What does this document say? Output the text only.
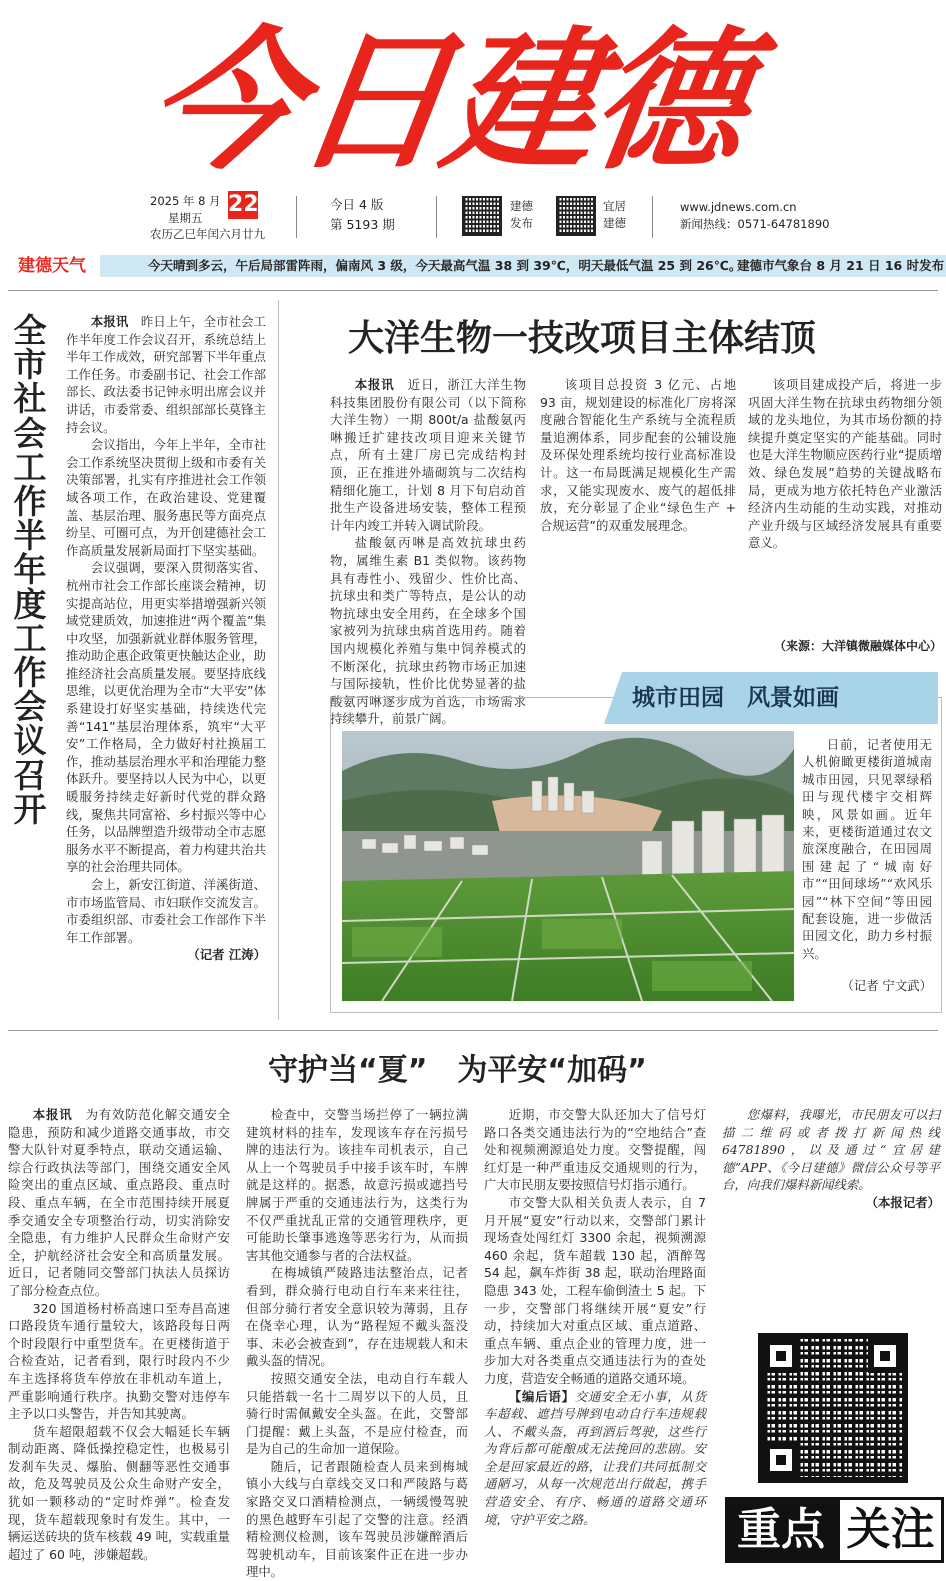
今日建德
2025 年 8 月 22
星期五
农历乙巳年闰六月廿九
今日 4 版
第 5193 期
建德
发布
宜居
建德
www.jdnews.com.cn
新闻热线：0571-64781890
建德天气	今天晴到多云，午后局部雷阵雨，偏南风 3 级，今天最高气温 38 到 39℃，明天最低气温 25 到 26℃。
建德市气象台 8 月 21 日 16 时发布
全市社会工作半年度工作会议召开

本报讯　 昨日上午，全市社会工作半年度工作会议召开，系统总结上半年工作成效，研究部署下半年重点工作任务。市委副书记、社会工作部部长、政法委书记钟永明出席会议并讲话，市委常委、组织部部长莫锋主持会议。

会议指出，今年上半年，全市社会工作系统坚决贯彻上级和市委有关决策部署，扎实有序推进社会工作领域各项工作，在政治建设、党建覆盖、基层治理、服务惠民等方面亮点纷呈、可圈可点，为开创建德社会工作高质量发展新局面打下坚实基础。

会议强调，要深入贯彻落实省、杭州市社会工作部长座谈会精神，切实提高站位，用更实举措增强新兴领域党建质效，加速推进“两个覆盖”集中攻坚，加强新就业群体服务管理，推动助企惠企政策更快触达企业，助推经济社会高质量发展。要坚持底线思维，以更优治理为全市“大平安”体系建设打好坚实基础，持续迭代完善“141”基层治理体系，筑牢“大平安”工作格局，全力做好村社换届工作，推动基层治理水平和治理能力整体跃升。要坚持以人民为中心，以更暖服务持续走好新时代党的群众路线，聚焦共同富裕、乡村振兴等中心任务，以品牌塑造升级带动全市志愿服务水平不断提高，着力构建共治共享的社会治理共同体。

会上，新安江街道、洋溪街道、市市场监管局、市妇联作交流发言。市委组织部、市委社会工作部作下半年工作部署。

（记者 江涛）
大洋生物一技改项目主体结顶

本报讯　 近日，浙江大洋生物科技集团股份有限公司（以下简称大洋生物）一期 800t/a 盐酸氨丙啉搬迁扩建技改项目迎来关键节点，所有土建厂房已完成结构封顶，正在推进外墙砌筑与二次结构精细化施工，计划 8 月下旬启动首批生产设备进场安装，整体工程预计年内竣工并转入调试阶段。

盐酸氨丙啉是高效抗球虫药物，属维生素 B1 类似物。该药物具有毒性小、残留少、性价比高、抗球虫和类广等特点，是公认的动物抗球虫安全用药，在全球多个国家被列为抗球虫病首选用药。随着国内规模化养殖与集中饲养模式的不断深化，抗球虫药物市场正加速与国际接轨，性价比优势显著的盐酸氨丙啉逐步成为首选，市场需求持续攀升，前景广阔。

该项目总投资 3 亿元、占地 93 亩，规划建设的标准化厂房将深度融合智能化生产系统与全流程质量追溯体系，同步配套的公辅设施及环保处理系统均按行业高标准设计。这一布局既满足规模化生产需求，又能实现废水、废气的超低排放，充分彰显了企业“绿色生产 + 合规运营”的双重发展理念。

该项目建成投产后，将进一步巩固大洋生物在抗球虫药物细分领域的龙头地位，为其市场份额的持续提升奠定坚实的产能基础。同时也是大洋生物顺应医药行业“提质增效、绿色发展”趋势的关键战略布局，更成为地方依托特色产业激活经济内生动能的生动实践，对推动产业升级与区域经济发展具有重要意义。

（来源：大洋镇微融媒体中心）
城市田园　风景如画

日前，记者使用无人机俯瞰更楼街道城南城市田园，只见翠绿稻田与现代楼宇交相辉映，风景如画。近年来，更楼街道通过农文旅深度融合，在田园周围建起了“城南好市”“田间球场”“欢风乐园”“林下空间”等田园配套设施，进一步做活田园文化，助力乡村振兴。

（记者 宁文武）
守护当“夏”　为平安“加码”

本报讯　 为有效防范化解交通安全隐患，预防和减少道路交通事故，市交警大队针对夏季特点，联动交通运输、综合行政执法等部门，围绕交通安全风险突出的重点区域、重点路段、重点时段、重点车辆，在全市范围持续开展夏季交通安全专项整治行动，切实消除安全隐患，有力维护人民群众生命财产安全，护航经济社会安全和高质量发展。近日，记者随同交警部门执法人员探访了部分检查点位。

320 国道杨村桥高速口至寿昌高速口路段货车通行量较大，该路段每日两个时段限行中重型货车。在更楼街道于合检查站，记者看到，限行时段内不少车主选择将货车停放在非机动车道上，严重影响通行秩序。执勤交警对违停车主予以口头警告，并告知其驶离。

货车超限超载不仅会大幅延长车辆制动距离、降低操控稳定性，也极易引发刹车失灵、爆胎、侧翻等恶性交通事故，危及驾驶员及公众生命财产安全，犹如一颗移动的“定时炸弹”。检查发现，货车超载现象时有发生。其中，一辆运送砖块的货车核载 49 吨，实载重量超过了 60 吨，涉嫌超载。

检查中，交警当场拦停了一辆拉满建筑材料的挂车，发现该车存在污损号牌的违法行为。该挂车司机表示，自己从上一个驾驶员手中接手该车时，车牌就是这样的。据悉，故意污损或遮挡号牌属于严重的交通违法行为，这类行为不仅严重扰乱正常的交通管理秩序，更可能助长肇事逃逸等恶劣行为，从而损害其他交通参与者的合法权益。

在梅城镇严陵路违法整治点，记者看到，群众骑行电动自行车来来往往，但部分骑行者安全意识较为薄弱，且存在侥幸心理，认为“路程短不戴头盔没事、未必会被查到”，存在违规载人和未戴头盔的情况。

按照交通安全法，电动自行车载人只能搭载一名十二周岁以下的人员，且骑行时需佩戴安全头盔。在此，交警部门提醒：戴上头盔，不是应付检查，而是为自己的生命加一道保险。

随后，记者跟随检查人员来到梅城镇小大线与白章线交叉口和严陵路与葛家路交叉口酒精检测点，一辆缓慢驾驶的黑色越野车引起了交警的注意。经酒精检测仪检测，该车驾驶员涉嫌醉酒后驾驶机动车，目前该案件正在进一步办理中。

近期，市交警大队还加大了信号灯路口各类交通违法行为的“空地结合”查处和视频溯源追处力度。交警提醒，闯红灯是一种严重违反交通规则的行为，广大市民朋友要按照信号灯指示通行。

市交警大队相关负责人表示，自 7 月开展“夏安”行动以来，交警部门累计现场查处闯红灯 3300 余起，视频溯源 460 余起，货车超载 130 起，酒醉驾 54 起，飙车炸街 38 起，联动治理路面隐患 343 处，工程车偷倒渣土 5 起。下一步，交警部门将继续开展“夏安”行动，持续加大对重点区域、重点道路、重点车辆、重点企业的管理力度，进一步加大对各类重点交通违法行为的查处力度，营造安全畅通的道路交通环境。

【编后语】交通安全无小事，从货车超载、遮挡号牌到电动自行车违规载人、不戴头盔，再到酒后驾驶，这些行为背后都可能酿成无法挽回的悲剧。安全是回家最近的路，让我们共同抵制交通陋习，从每一次规范出行做起，携手营造安全、有序、畅通的道路交通环境，守护平安之路。

您爆料，我曝光，市民朋友可以扫描二维码或者拨打新闻热线 64781890，以及通过“宜居建德”APP、《今日建德》微信公众号等平台，向我们爆料新闻线索。

（本报记者）
重点 关注
